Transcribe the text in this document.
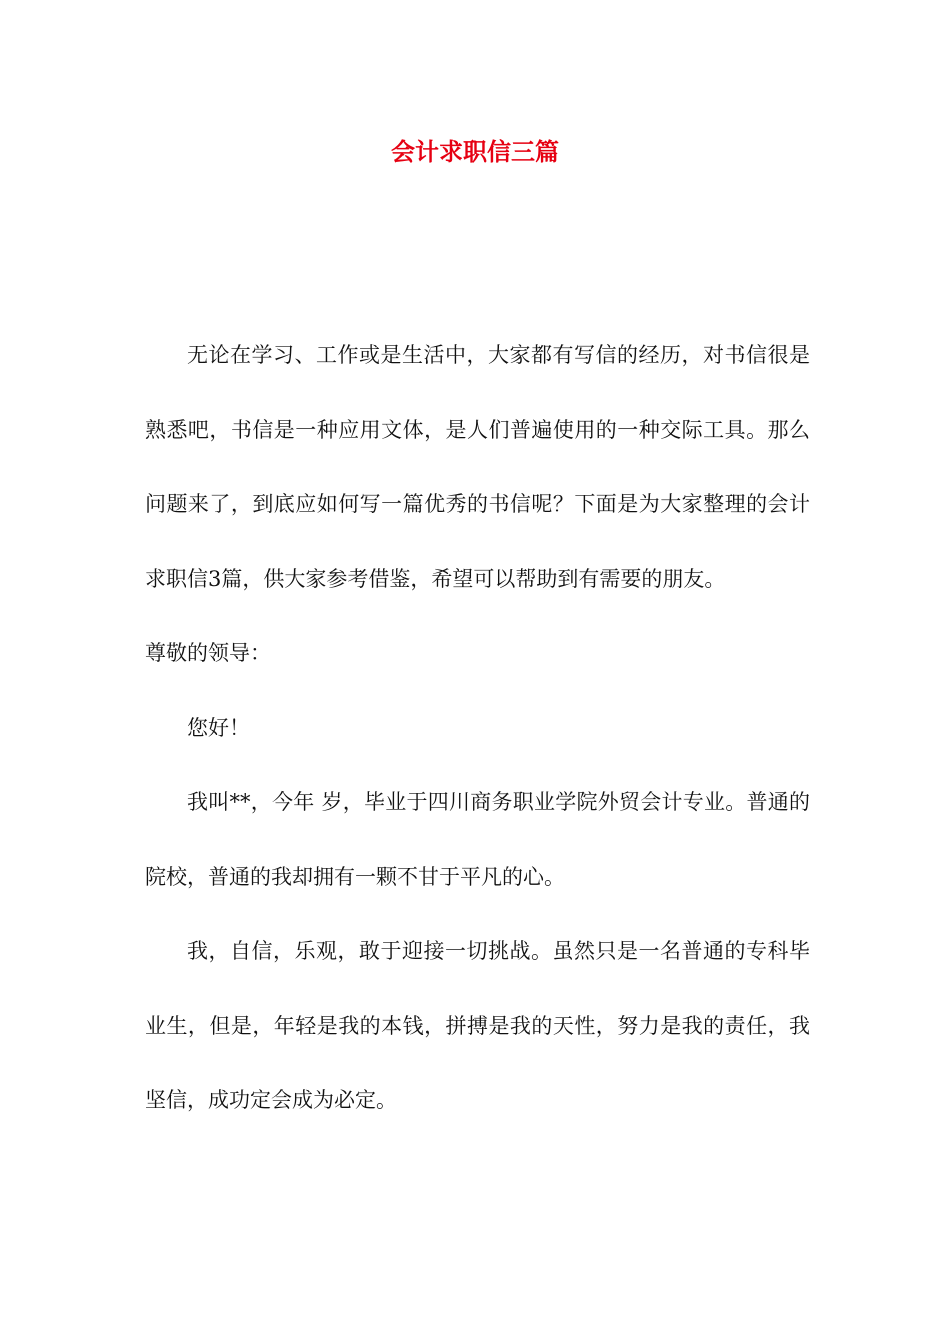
会计求职信三篇

无论在学习、工作或是生活中，大家都有写信的经历，对书信很是熟悉吧，书信是一种应用文体，是人们普遍使用的一种交际工具。那么问题来了，到底应如何写一篇优秀的书信呢？下面是为大家整理的会计求职信3篇，供大家参考借鉴，希望可以帮助到有需要的朋友。

尊敬的领导：

您好！

我叫**，今年 岁，毕业于四川商务职业学院外贸会计专业。普通的院校，普通的我却拥有一颗不甘于平凡的心。

我，自信，乐观，敢于迎接一切挑战。虽然只是一名普通的专科毕业生，但是，年轻是我的本钱，拼搏是我的天性，努力是我的责任，我坚信，成功定会成为必定。
